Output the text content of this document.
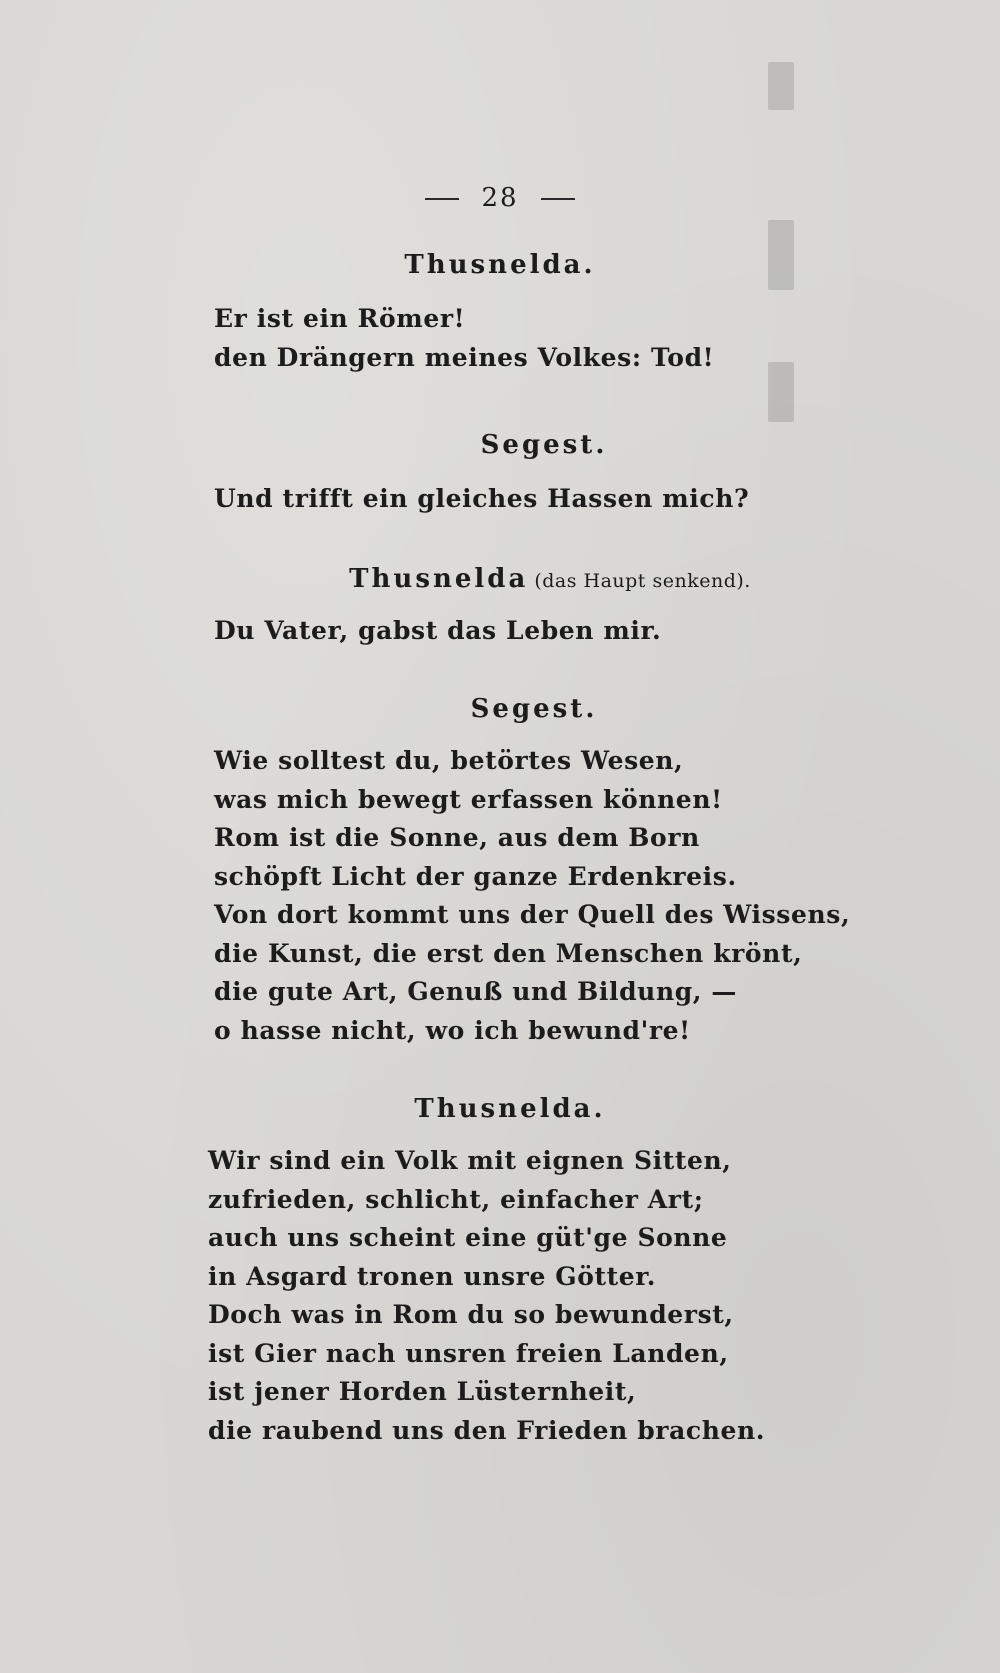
28
Thusnelda.
Er ist ein Römer!
den Drängern meines Volkes: Tod!
Segest.
Und trifft ein gleiches Hassen mich?
Thusnelda (das Haupt senkend).
Du Vater, gabst das Leben mir.
Segest.
Wie solltest du, betörtes Wesen,
was mich bewegt erfassen können!
Rom ist die Sonne, aus dem Born
schöpft Licht der ganze Erdenkreis.
Von dort kommt uns der Quell des Wissens,
die Kunst, die erst den Menschen krönt,
die gute Art, Genuß und Bildung, —
o hasse nicht, wo ich bewund're!
Thusnelda.
Wir sind ein Volk mit eignen Sitten,
zufrieden, schlicht, einfacher Art;
auch uns scheint eine güt'ge Sonne
in Asgard tronen unsre Götter.
Doch was in Rom du so bewunderst,
ist Gier nach unsren freien Landen,
ist jener Horden Lüsternheit,
die raubend uns den Frieden brachen.
